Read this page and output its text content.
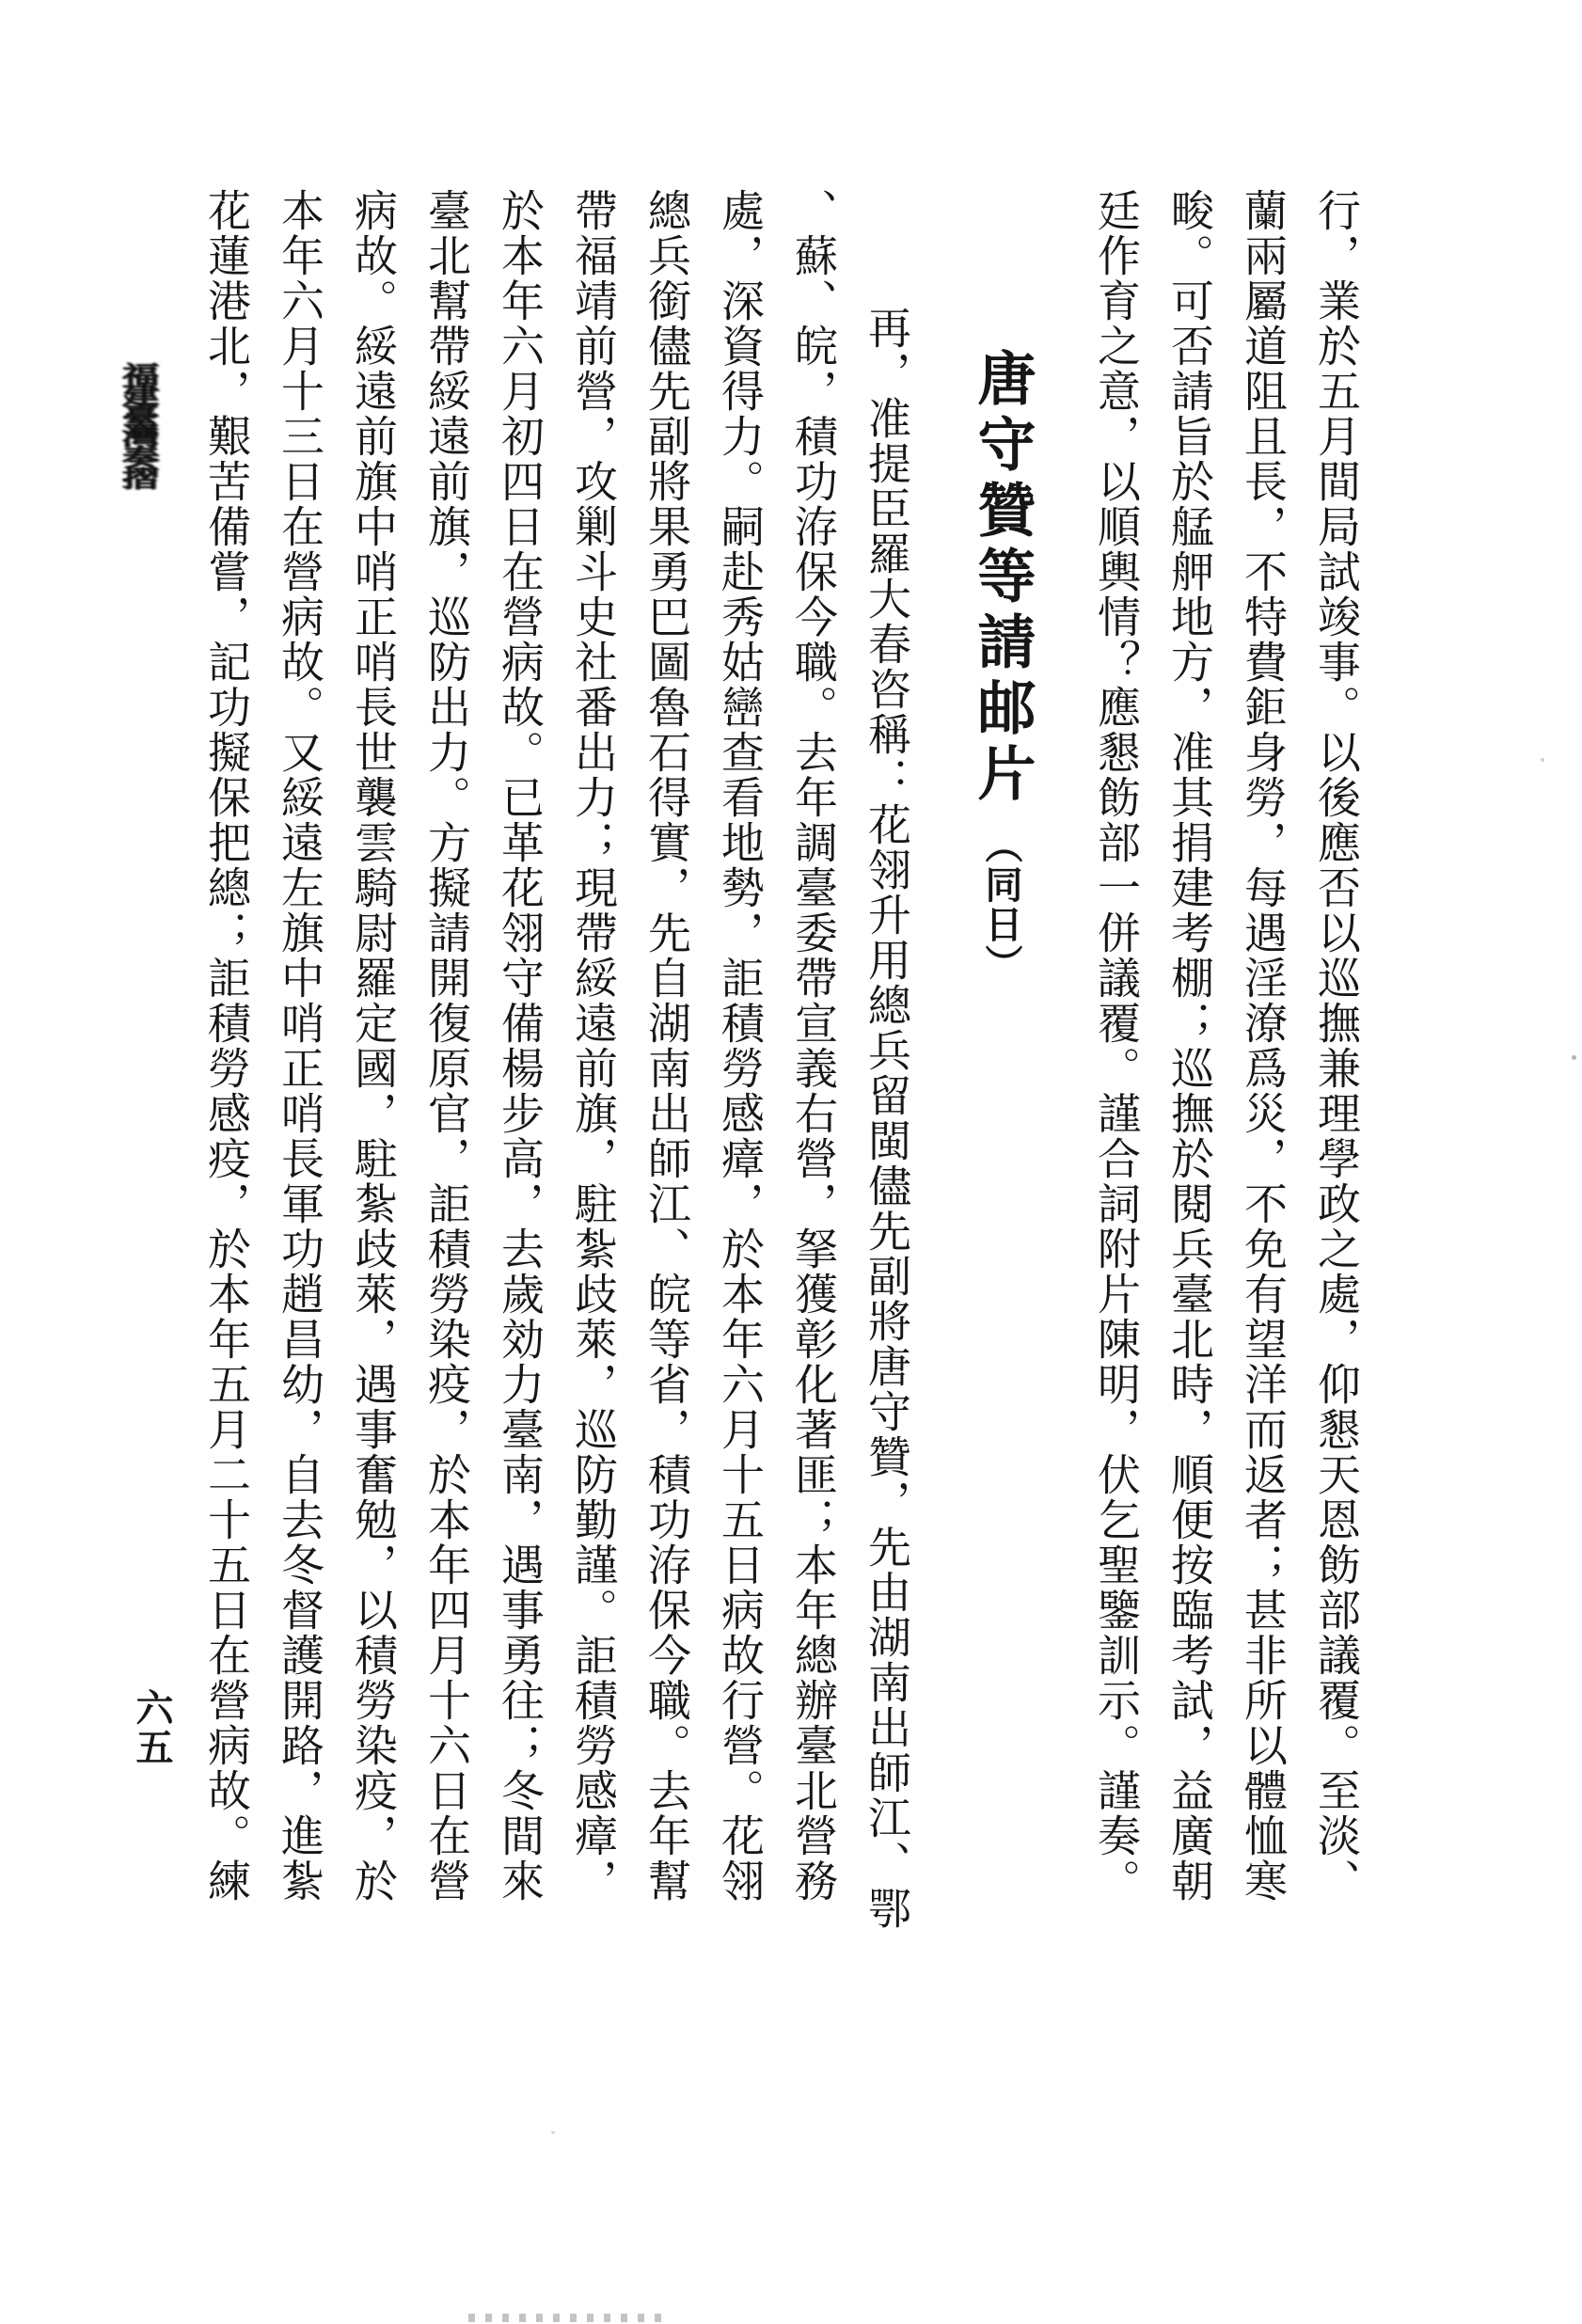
福建臺灣奏摺
六五	行，業於五月間局試竣事。以後應否以巡撫兼理學政之處，仰懇天恩飭部議覆。至淡、
蘭兩屬道阻且長，不特費鉅身勞，每遇淫潦爲災，不免有望洋而返者；甚非所以體恤寒
畯。可否請旨於艋舺地方，准其捐建考棚；巡撫於閱兵臺北時，順便按臨考試，益廣朝
廷作育之意，以順輿情？應懇飭部一併議覆。謹合詞附片陳明，伏乞聖鑒訓示。謹奏。
唐守贊等請邮片 （同日）
再，准提臣羅大春咨稱：花翎升用總兵留閩儘先副將唐守贊，先由湖南出師江、鄂
、蘇、皖，積功洊保今職。去年調臺委帶宣義右營，拏獲彰化著匪；本年總辦臺北營務
處，深資得力。嗣赴秀姑巒查看地勢，詎積勞感瘴，於本年六月十五日病故行營。花翎
總兵銜儘先副將果勇巴圖魯石得實，先自湖南出師江、皖等省，積功洊保今職。去年幫
帶福靖前營，攻剿斗史社番出力；現帶綏遠前旗，駐紮歧萊，巡防勤謹。詎積勞感瘴，
於本年六月初四日在營病故。已革花翎守備楊步高，去歲効力臺南，遇事勇往；冬間來
臺北幫帶綏遠前旗，巡防出力。方擬請開復原官，詎積勞染疫，於本年四月十六日在營
病故。綏遠前旗中哨正哨長世襲雲騎尉羅定國，駐紮歧萊，遇事奮勉，以積勞染疫，於
本年六月十三日在營病故。又綏遠左旗中哨正哨長軍功趙昌幼，自去冬督護開路，進紮
花蓮港北，艱苦備嘗，記功擬保把總；詎積勞感疫，於本年五月二十五日在營病故。練
